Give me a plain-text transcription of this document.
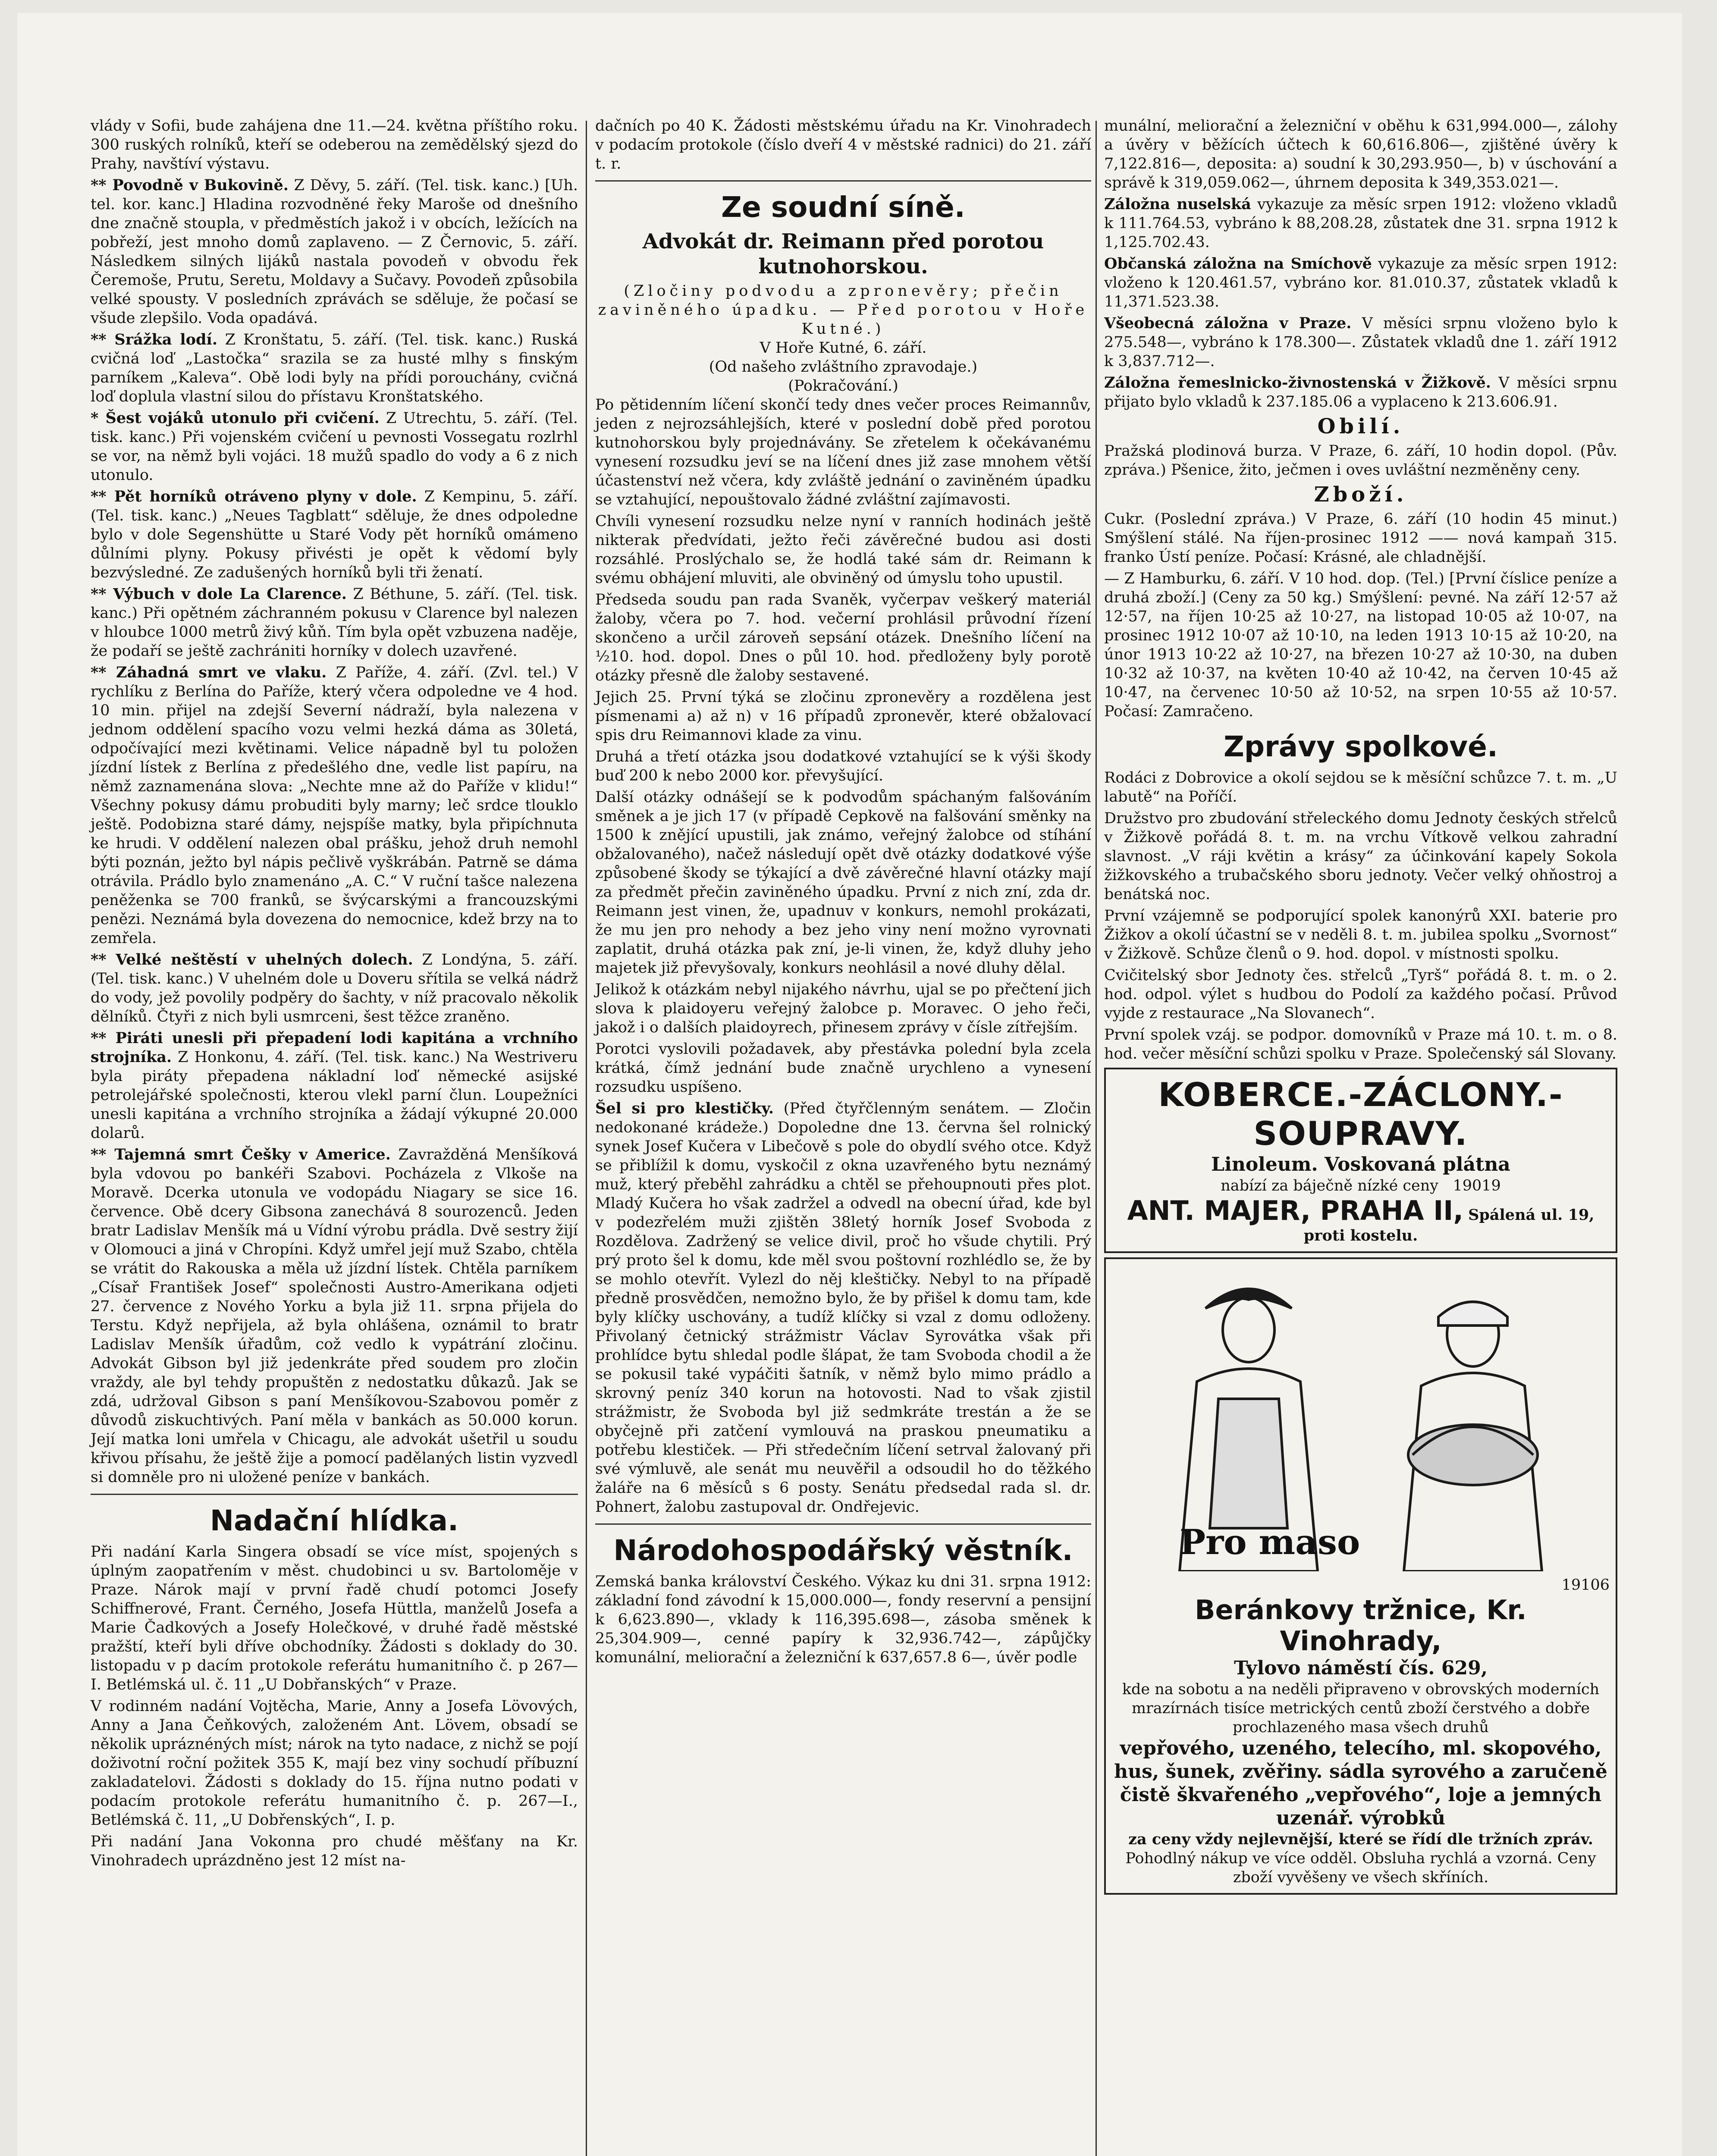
vlády v Sofii, bude zahájena dne 11.—24. května příštího roku. 300 ruských rolníků, kteří se odeberou na zemědělský sjezd do Prahy, navštíví výstavu.

** Povodně v Bukovině. Z Děvy, 5. září. (Tel. tisk. kanc.) [Uh. tel. kor. kanc.] Hladina rozvodněné řeky Maroše od dnešního dne značně stoupla, v předměstích jakož i v obcích, ležících na pobřeží, jest mnoho domů zaplaveno. — Z Černovic, 5. září. Následkem silných lijáků nastala povodeň v obvodu řek Čeremoše, Prutu, Seretu, Moldavy a Sučavy. Povodeň způsobila velké spousty. V posledních zprávách se sděluje, že počasí se všude zlepšilo. Voda opadává.

** Srážka lodí. Z Kronštatu, 5. září. (Tel. tisk. kanc.) Ruská cvičná loď „Lastočka“ srazila se za husté mlhy s finským parníkem „Kaleva“. Obě lodi byly na přídi porouchány, cvičná loď doplula vlastní silou do přístavu Kronštatského.

* Šest vojáků utonulo při cvičení. Z Utrechtu, 5. září. (Tel. tisk. kanc.) Při vojenském cvičení u pevnosti Vossegatu rozlrhl se vor, na němž byli vojáci. 18 mužů spadlo do vody a 6 z nich utonulo.

** Pět horníků otráveno plyny v dole. Z Kempinu, 5. září. (Tel. tisk. kanc.) „Neues Tagblatt“ sděluje, že dnes odpoledne bylo v dole Segenshütte u Staré Vody pět horníků omámeno důlními plyny. Pokusy přivésti je opět k vědomí byly bezvýsledné. Ze zadušených horníků byli tři ženatí.

** Výbuch v dole La Clarence. Z Béthune, 5. září. (Tel. tisk. kanc.) Při opětném záchranném pokusu v Clarence byl nalezen v hloubce 1000 metrů živý kůň. Tím byla opět vzbuzena naděje, že podaří se ještě zachrániti horníky v dolech uzavřené.

** Záhadná smrt ve vlaku. Z Paříže, 4. září. (Zvl. tel.) V rychlíku z Berlína do Paříže, který včera odpoledne ve 4 hod. 10 min. přijel na zdejší Severní nádraží, byla nalezena v jednom oddělení spacího vozu velmi hezká dáma as 30letá, odpočívající mezi květinami. Velice nápadně byl tu položen jízdní lístek z Berlína z předešlého dne, vedle list papíru, na němž zaznamenána slova: „Nechte mne až do Paříže v klidu!“ Všechny pokusy dámu probuditi byly marny; leč srdce tlouklo ještě. Podobizna staré dámy, nejspíše matky, byla připíchnuta ke hrudi. V oddělení nalezen obal prášku, jehož druh nemohl býti poznán, ježto byl nápis pečlivě vyškrábán. Patrně se dáma otrávila. Prádlo bylo znamenáno „A. C.“ V ruční tašce nalezena peněženka se 700 franků, se švýcarskými a francouzskými penězi. Neznámá byla dovezena do nemocnice, kdež brzy na to zemřela.

** Velké neštěstí v uhelných dolech. Z Londýna, 5. září. (Tel. tisk. kanc.) V uhelném dole u Doveru sřítila se velká nádrž do vody, jež povolily podpěry do šachty, v níž pracovalo několik dělníků. Čtyři z nich byli usmrceni, šest těžce zraněno.

** Piráti unesli při přepadení lodi kapitána a vrchního strojníka. Z Honkonu, 4. září. (Tel. tisk. kanc.) Na Westriveru byla piráty přepadena nákladní loď německé asijské petrolejářské společnosti, kterou vlekl parní člun. Loupežníci unesli kapitána a vrchního strojníka a žádají výkupné 20.000 dolarů.

** Tajemná smrt Češky v Americe. Zavražděná Menšíková byla vdovou po bankéři Szabovi. Pocházela z Vlkoše na Moravě. Dcerka utonula ve vodopádu Niagary se sice 16. července. Obě dcery Gibsona zanechává 8 sourozenců. Jeden bratr Ladislav Menšík má u Vídní výrobu prádla. Dvě sestry žijí v Olomouci a jiná v Chropíni. Když umřel její muž Szabo, chtěla se vrátit do Rakouska a měla už jízdní lístek. Chtěla parníkem „Císař František Josef“ společnosti Austro-Amerikana odjeti 27. července z Nového Yorku a byla již 11. srpna přijela do Terstu. Když nepřijela, až byla ohlášena, oznámil to bratr Ladislav Menšík úřadům, což vedlo k vypátrání zločinu. Advokát Gibson byl již jedenkráte před soudem pro zločin vraždy, ale byl tehdy propuštěn z nedostatku důkazů. Jak se zdá, udržoval Gibson s paní Menšíkovou-Szabovou poměr z důvodů ziskuchtivých. Paní měla v bankách as 50.000 korun. Její matka loni umřela v Chicagu, ale advokát ušetřil u soudu křivou přísahu, že ještě žije a pomocí padělaných listin vyzvedl si domněle pro ni uložené peníze v bankách.

Nadační hlídka.

Při nadání Karla Singera obsadí se více míst, spojených s úplným zaopatřením v měst. chudobinci u sv. Bartoloměje v Praze. Nárok mají v první řadě chudí potomci Josefy Schiffnerové, Frant. Černého, Josefa Hüttla, manželů Josefa a Marie Čadkových a Josefy Holečkové, v druhé řadě městské pražští, kteří byli dříve obchodníky. Žádosti s doklady do 30. listopadu v p dacím protokole referátu humanitního č. p 267—I. Betlémská ul. č. 11 „U Dobřanských“ v Praze.

V rodinném nadání Vojtěcha, Marie, Anny a Josefa Lövových, Anny a Jana Čeňkových, založeném Ant. Lövem, obsadí se několik upráznéných míst; nárok na tyto nadace, z nichž se pojí doživotní roční požitek 355 K, mají bez viny sochudí příbuzní zakladatelovi. Žádosti s doklady do 15. října nutno podati v podacím protokole referátu humanitního č. p. 267—I., Betlémská č. 11, „U Dobřenských“, I. p.

Při nadání Jana Vokonna pro chudé měšťany na Kr. Vinohradech uprázdněno jest 12 míst na-

dačních po 40 K. Žádosti městskému úřadu na Kr. Vinohradech v podacím protokole (číslo dveří 4 v městské radnici) do 21. září t. r.

Ze soudní síně.
Advokát dr. Reimann před porotou kutnohorskou.

(Zločiny podvodu a zpronevěry; přečin zaviněného úpadku. — Před porotou v Hoře Kutné.)

V Hoře Kutné, 6. září.

(Od našeho zvláštního zpravodaje.)

(Pokračování.)

Po pětidenním líčení skončí tedy dnes večer proces Reimannův, jeden z nejrozsáhlejších, které v poslední době před porotou kutnohorskou byly projednávány. Se zřetelem k očekávanému vynesení rozsudku jeví se na líčení dnes již zase mnohem větší účastenství než včera, kdy zvláště jednání o zaviněném úpadku se vztahující, nepouštovalo žádné zvláštní zajímavosti.

Chvíli vynesení rozsudku nelze nyní v ranních hodinách ještě nikterak předvídati, ježto řeči závěrečné budou asi dosti rozsáhlé. Proslýchalo se, že hodlá také sám dr. Reimann k svému obhájení mluviti, ale obviněný od úmyslu toho upustil.

Předseda soudu pan rada Svaněk, vyčerpav veškerý materiál žaloby, včera po 7. hod. večerní prohlásil průvodní řízení skončeno a určil zároveň sepsání otázek. Dnešního líčení na ½10. hod. dopol. Dnes o půl 10. hod. předloženy byly porotě otázky přesně dle žaloby sestavené.

Jejich 25. První týká se zločinu zpronevěry a rozdělena jest písmenami a) až n) v 16 případů zpronevěr, které obžalovací spis dru Reimannovi klade za vinu.

Druhá a třetí otázka jsou dodatkové vztahující se k výši škody buď 200 k nebo 2000 kor. převyšující.

Další otázky odnášejí se k podvodům spáchaným falšováním směnek a je jich 17 (v případě Cepkově na falšování směnky na 1500 k znějící upustili, jak známo, veřejný žalobce od stíhání obžalovaného), načež následují opět dvě otázky dodatkové výše způsobené škody se týkající a dvě závěrečné hlavní otázky mají za předmět přečin zaviněného úpadku. První z nich zní, zda dr. Reimann jest vinen, že, upadnuv v konkurs, nemohl prokázati, že mu jen pro nehody a bez jeho viny není možno vyrovnati zaplatit, druhá otázka pak zní, je-li vinen, že, když dluhy jeho majetek již převyšovaly, konkurs neohlásil a nové dluhy dělal.

Jelikož k otázkám nebyl nijakého návrhu, ujal se po přečtení jich slova k plaidoyeru veřejný žalobce p. Moravec. O jeho řeči, jakož i o dalších plaidoyrech, přinesem zprávy v čísle zítřejším.

Porotci vyslovili požadavek, aby přestávka polední byla zcela krátká, čímž jednání bude značně urychleno a vynesení rozsudku uspíšeno.

Šel si pro klestičky. (Před čtyřčlenným senátem. — Zločin nedokonané krádeže.) Dopoledne dne 13. června šel rolnický synek Josef Kučera v Libečově s pole do obydlí svého otce. Když se přiblížil k domu, vyskočil z okna uzavřeného bytu neznámý muž, který přeběhl zahrádku a chtěl se přehoupnouti přes plot. Mladý Kučera ho však zadržel a odvedl na obecní úřad, kde byl v podezřelém muži zjištěn 38letý horník Josef Svoboda z Rozdělova. Zadržený se velice divil, proč ho všude chytili. Prý prý proto šel k domu, kde měl svou poštovní rozhlédlo se, že by se mohlo otevřít. Vylezl do něj kleštičky. Nebyl to na případě předně prosvědčen, nemožno bylo, že by přišel k domu tam, kde byly klíčky uschovány, a tudíž klíčky si vzal z domu odloženy. Přivolaný četnický strážmistr Václav Syrovátka však při prohlídce bytu shledal podle šlápat, že tam Svoboda chodil a že se pokusil také vypáčiti šatník, v němž bylo mimo prádlo a skrovný peníz 340 korun na hotovosti. Nad to však zjistil strážmistr, že Svoboda byl již sedmkráte trestán a že se obyčejně při zatčení vymlouvá na praskou pneumatiku a potřebu klestiček. — Při středečním líčení setrval žalovaný při své výmluvě, ale senát mu neuvěřil a odsoudil ho do těžkého žaláře na 6 měsíců s 6 posty. Senátu předsedal rada sl. dr. Pohnert, žalobu zastupoval dr. Ondřejevic.

Národohospodářský věstník.

Zemská banka království Českého. Výkaz ku dni 31. srpna 1912: základní fond závodní k 15,000.000—, fondy reservní a pensijní k 6,623.890—, vklady k 116,395.698—, zásoba směnek k 25,304.909—, cenné papíry k 32,936.742—, zápůjčky komunální, meliorační a železniční k 637,657.8 6—, úvěr podle

munální, meliorační a železniční v oběhu k 631,994.000—, zálohy a úvěry v běžících účtech k 60,616.806—, zjištěné úvěry k 7,122.816—, deposita: a) soudní k 30,293.950—, b) v úschování a správě k 319,059.062—, úhrnem deposita k 349,353.021—.

Záložna nuselská vykazuje za měsíc srpen 1912: vloženo vkladů k 111.764.53, vybráno k 88,208.28, zůstatek dne 31. srpna 1912 k 1,125.702.43.

Občanská záložna na Smíchově vykazuje za měsíc srpen 1912: vloženo k 120.461.57, vybráno kor. 81.010.37, zůstatek vkladů k 11,371.523.38.

Všeobecná záložna v Praze. V měsíci srpnu vloženo bylo k 275.548—, vybráno k 178.300—. Zůstatek vkladů dne 1. září 1912 k 3,837.712—.

Záložna řemeslnicko-živnostenská v Žižkově. V měsíci srpnu přijato bylo vkladů k 237.185.06 a vyplaceno k 213.606.91.

Obilí.

Pražská plodinová burza. V Praze, 6. září, 10 hodin dopol. (Pův. zpráva.) Pšenice, žito, ječmen i oves uvláštní nezměněny ceny.

Zboží.

Cukr. (Poslední zpráva.) V Praze, 6. září (10 hodin 45 minut.) Smýšlení stálé. Na říjen-prosinec 1912 —— nová kampaň 315. franko Ústí peníze. Počasí: Krásné, ale chladnější.

— Z Hamburku, 6. září. V 10 hod. dop. (Tel.) [První číslice peníze a druhá zboží.] (Ceny za 50 kg.) Smýšlení: pevné. Na září 12·57 až 12·57, na říjen 10·25 až 10·27, na listopad 10·05 až 10·07, na prosinec 1912 10·07 až 10·10, na leden 1913 10·15 až 10·20, na únor 1913 10·22 až 10·27, na březen 10·27 až 10·30, na duben 10·32 až 10·37, na květen 10·40 až 10·42, na červen 10·45 až 10·47, na červenec 10·50 až 10·52, na srpen 10·55 až 10·57. Počasí: Zamračeno.

Zprávy spolkové.

Rodáci z Dobrovice a okolí sejdou se k měsíční schůzce 7. t. m. „U labutě“ na Poříčí.

Družstvo pro zbudování střeleckého domu Jednoty českých střelců v Žižkově pořádá 8. t. m. na vrchu Vítkově velkou zahradní slavnost. „V ráji květin a krásy“ za účinkování kapely Sokola žižkovského a trubačského sboru jednoty. Večer velký ohňostroj a benátská noc.

První vzájemně se podporující spolek kanonýrů XXI. baterie pro Žižkov a okolí účastní se v neděli 8. t. m. jubilea spolku „Svornost“ v Žižkově. Schůze členů o 9. hod. dopol. v místnosti spolku.

Cvičitelský sbor Jednoty čes. střelců „Tyrš“ pořádá 8. t. m. o 2. hod. odpol. výlet s hudbou do Podolí za každého počasí. Průvod vyjde z restaurace „Na Slovanech“.

První spolek vzáj. se podpor. domovníků v Praze má 10. t. m. o 8. hod. večer měsíční schůzi spolku v Praze. Společenský sál Slovany.

KOBERCE.-ZÁCLONY.-SOUPRAVY.
Linoleum. Voskovaná plátna
nabízí za báječně nízké ceny 19019
ANT. MAJER, PRAHA II, Spálená ul. 19, proti kostelu.
Pro maso
19106
Beránkovy tržnice, Kr. Vinohrady,
Tylovo náměstí čís. 629,
kde na sobotu a na neděli připraveno v obrovských moderních mrazírnách tisíce metrických centů zboží čerstvého a dobře prochlazeného masa všech druhů
vepřového, uzeného, telecího, ml. skopového, hus, šunek, zvěřiny. sádla syrového a zaručeně čistě škvařeného „vepřového“, loje a jemných uzenář. výrobků
za ceny vždy nejlevnější, které se řídí dle tržních zpráv.
Pohodlný nákup ve více odděl. Obsluha rychlá a vzorná. Ceny zboží vyvěšeny ve všech skříních.
